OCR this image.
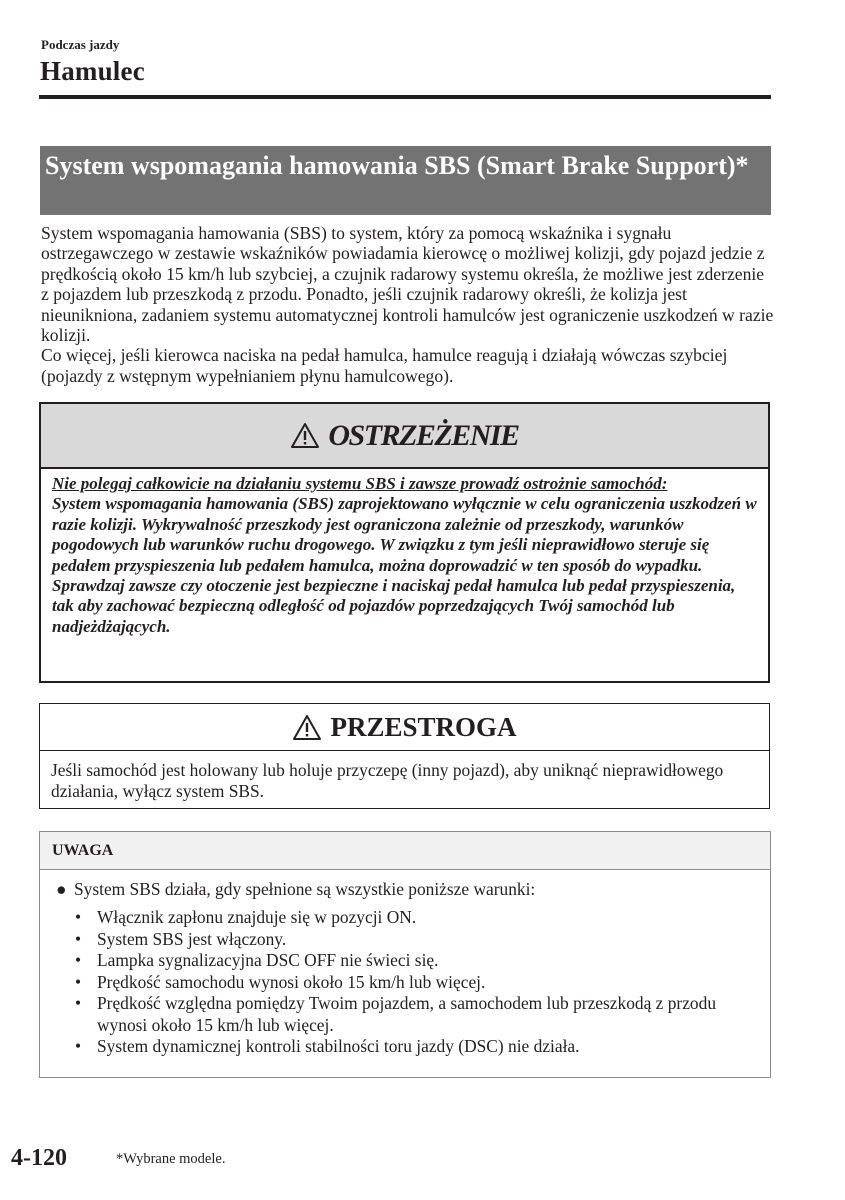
Podczas jazdy
Hamulec
System wspomagania hamowania SBS (Smart Brake Support)*

System wspomagania hamowania (SBS) to system, który za pomocą wskaźnika i sygnału ostrzegawczego w zestawie wskaźników powiadamia kierowcę o możliwej kolizji, gdy pojazd jedzie z prędkością około 15 km/h lub szybciej, a czujnik radarowy systemu określa, że możliwe jest zderzenie z pojazdem lub przeszkodą z przodu. Ponadto, jeśli czujnik radarowy określi, że kolizja jest nieunikniona, zadaniem systemu automatycznej kontroli hamulców jest ograniczenie uszkodzeń w razie kolizji.

Co więcej, jeśli kierowca naciska na pedał hamulca, hamulce reagują i działają wówczas szybciej (pojazdy z wstępnym wypełnianiem płynu hamulcowego).

OSTRZEŻENIE

Nie polegaj całkowicie na działaniu systemu SBS i zawsze prowadź ostrożnie samochód:

System wspomagania hamowania (SBS) zaprojektowano wyłącznie w celu ograniczenia uszkodzeń w razie kolizji. Wykrywalność przeszkody jest ograniczona zależnie od przeszkody, warunków pogodowych lub warunków ruchu drogowego. W związku z tym jeśli nieprawidłowo steruje się pedałem przyspieszenia lub pedałem hamulca, można doprowadzić w ten sposób do wypadku. Sprawdzaj zawsze czy otoczenie jest bezpieczne i naciskaj pedał hamulca lub pedał przyspieszenia, tak aby zachować bezpieczną odległość od pojazdów poprzedzających Twój samochód lub nadjeżdżających.

PRZESTROGA
Jeśli samochód jest holowany lub holuje przyczepę (inny pojazd), aby uniknąć nieprawidłowego działania, wyłącz system SBS.
UWAGA
● System SBS działa, gdy spełnione są wszystkie poniższe warunki:
• Włącznik zapłonu znajduje się w pozycji ON.
• System SBS jest włączony.
• Lampka sygnalizacyjna DSC OFF nie świeci się.
• Prędkość samochodu wynosi około 15 km/h lub więcej.
• Prędkość względna pomiędzy Twoim pojazdem, a samochodem lub przeszkodą z przodu wynosi około 15 km/h lub więcej.
• System dynamicznej kontroli stabilności toru jazdy (DSC) nie działa.
4-120	*Wybrane modele.
